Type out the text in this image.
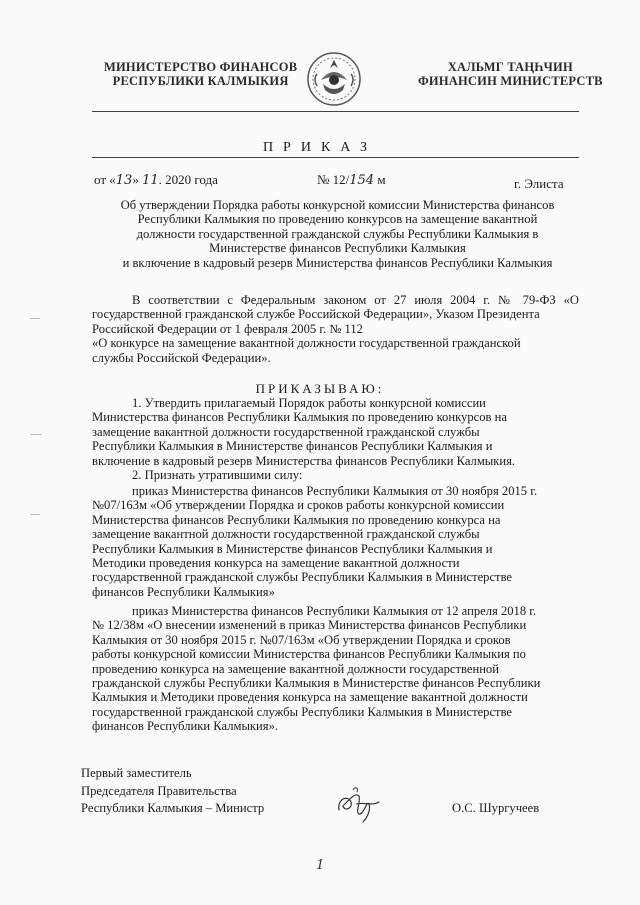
МИНИСТЕРСТВО ФИНАНСОВ
РЕСПУБЛИКИ КАЛМЫКИЯ
ХАЛЬМГ ТАҢҺЧИН
ФИНАНСИН МИНИСТЕРСТВ
ПРИКАЗ
от «13» 11. 2020 года	№ 12/154 м	г. Элиста
Об утверждении Порядка работы конкурсной комиссии Министерства финансов
Республики Калмыкия по проведению конкурсов на замещение вакантной
должности государственной гражданской службы Республики Калмыкия в
Министерстве финансов Республики Калмыкия
и включение в кадровый резерв Министерства финансов Республики Калмыкия
В соответствии с Федеральным законом от 27 июля 2004 г. № 79-ФЗ «О
государственной гражданской службе Российской Федерации», Указом Президента
Российской Федерации от 1 февраля 2005 г. № 112
«О конкурсе на замещение вакантной должности государственной гражданской
службы Российской Федерации».
ПРИКАЗЫВАЮ:
1. Утвердить прилагаемый Порядок работы конкурсной комиссии
Министерства финансов Республики Калмыкия по проведению конкурсов на
замещение вакантной должности государственной гражданской службы
Республики Калмыкия в Министерстве финансов Республики Калмыкия и
включение в кадровый резерв Министерства финансов Республики Калмыкия.
2. Признать утратившими силу:
приказ Министерства финансов Республики Калмыкия от 30 ноября 2015 г.
№07/163м «Об утверждении Порядка и сроков работы конкурсной комиссии
Министерства финансов Республики Калмыкия по проведению конкурса на
замещение вакантной должности государственной гражданской службы
Республики Калмыкия в Министерстве финансов Республики Калмыкия и
Методики проведения конкурса на замещение вакантной должности
государственной гражданской службы Республики Калмыкия в Министерстве
финансов Республики Калмыкия»
приказ Министерства финансов Республики Калмыкия от 12 апреля 2018 г.
№ 12/38м «О внесении изменений в приказ Министерства финансов Республики
Калмыкия от 30 ноября 2015 г. №07/163м «Об утверждении Порядка и сроков
работы конкурсной комиссии Министерства финансов Республики Калмыкия по
проведению конкурса на замещение вакантной должности государственной
гражданской службы Республики Калмыкия в Министерстве финансов Республики
Калмыкия и Методики проведения конкурса на замещение вакантной должности
государственной гражданской службы Республики Калмыкия в Министерстве
финансов Республики Калмыкия».
Первый заместитель
Председателя Правительства
Республики Калмыкия – Министр	О.С. Шургучеев
1
